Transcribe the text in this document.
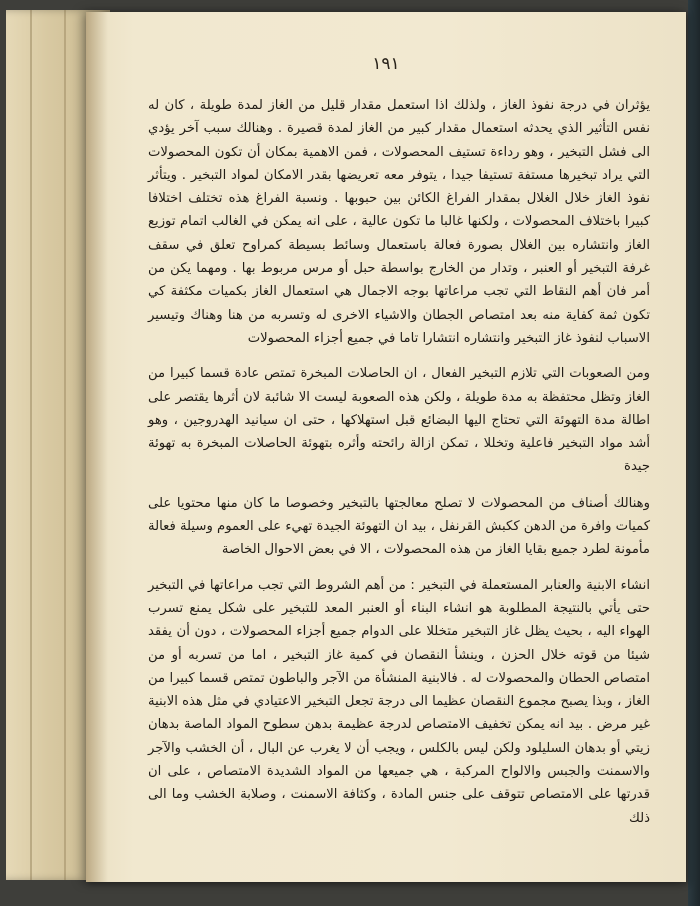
١٩١

يؤثران في درجة نفوذ الغاز ، ولذلك اذا استعمل مقدار قليل من الغاز لمدة طويلة ، كان له نفس التأثير الذي يحدثه استعمال مقدار كبير من الغاز لمدة قصيرة . وهنالك سبب آخر يؤدي الى فشل التبخير ، وهو رداءة تستيف المحصولات ، فمن الاهمية بمكان أن تكون المحصولات التي يراد تبخيرها مستفة تستيفا جيدا ، يتوفر معه تعريضها بقدر الامكان لمواد التبخير . ويتأثر نفوذ الغاز خلال الغلال بمقدار الفراغ الكائن بين حبوبها . ونسبة الفراغ هذه تختلف اختلافا كبيرا باختلاف المحصولات ، ولكنها غالبا ما تكون عالية ، على انه يمكن في الغالب اتمام توزيع الغاز وانتشاره بين الغلال بصورة فعالة باستعمال وسائط بسيطة كمراوح تعلق في سقف غرفة التبخير أو العنبر ، وتدار من الخارج بواسطة حبل أو مرس مربوط بها . ومهما يكن من أمر فان أهم النقاط التي تجب مراعاتها بوجه الاجمال هي استعمال الغاز بكميات مكثفة كي تكون ثمة كفاية منه بعد امتصاص الجطان والاشياء الاخرى له وتسربه من هنا وهناك وتيسير الاسباب لنفوذ غاز التبخير وانتشاره انتشارا تاما في جميع أجزاء المحصولات

ومن الصعوبات التي تلازم التبخير الفعال ، ان الحاصلات المبخرة تمتص عادة قسما كبيرا من الغاز وتظل محتفظة به مدة طويلة ، ولكن هذه الصعوبة ليست الا شائبة لان أثرها يقتصر على اطالة مدة التهوئة التي تحتاج اليها البضائع قبل استهلاكها ، حتى ان سيانيد الهدروجين ، وهو أشد مواد التبخير فاعلية وتخللا ، تمكن ازالة رائحته وأثره بتهوئة الحاصلات المبخرة به تهوئة جيدة

وهنالك أصناف من المحصولات لا تصلح معالجتها بالتبخير وخصوصا ما كان منها محتويا على كميات وافرة من الدهن ككبش القرنفل ، بيد ان التهوئة الجيدة تهيء على العموم وسيلة فعالة مأمونة لطرد جميع بقايا الغاز من هذه المحصولات ، الا في بعض الاحوال الخاصة

انشاء الابنية والعنابر المستعملة في التبخير : من أهم الشروط التي تجب مراعاتها في التبخير حتى يأتي بالنتيجة المطلوبة هو انشاء البناء أو العنبر المعد للتبخير على شكل يمنع تسرب الهواء اليه ، بحيث يظل غاز التبخير متخللا على الدوام جميع أجزاء المحصولات ، دون أن يفقد شيئا من قوته خلال الحزن ، وينشأ النقصان في كمية غاز التبخير ، اما من تسربه أو من امتصاص الحطان والمحصولات له . فالابنية المنشأة من الآجر والباطون تمتص قسما كبيرا من الغاز ، وبذا يصبح مجموع النقصان عظيما الى درجة تجعل التبخير الاعتيادي في مثل هذه الابنية غير مرض . بيد انه يمكن تخفيف الامتصاص لدرجة عظيمة بدهن سطوح المواد الماصة بدهان زيتي أو بدهان السليلود ولكن ليس بالكلس ، ويجب أن لا يغرب عن البال ، أن الخشب والآجر والاسمنت والجبس والالواح المركبة ، هي جميعها من المواد الشديدة الامتصاص ، على ان قدرتها على الامتصاص تتوقف على جنس المادة ، وكثافة الاسمنت ، وصلابة الخشب وما الى ذلك
